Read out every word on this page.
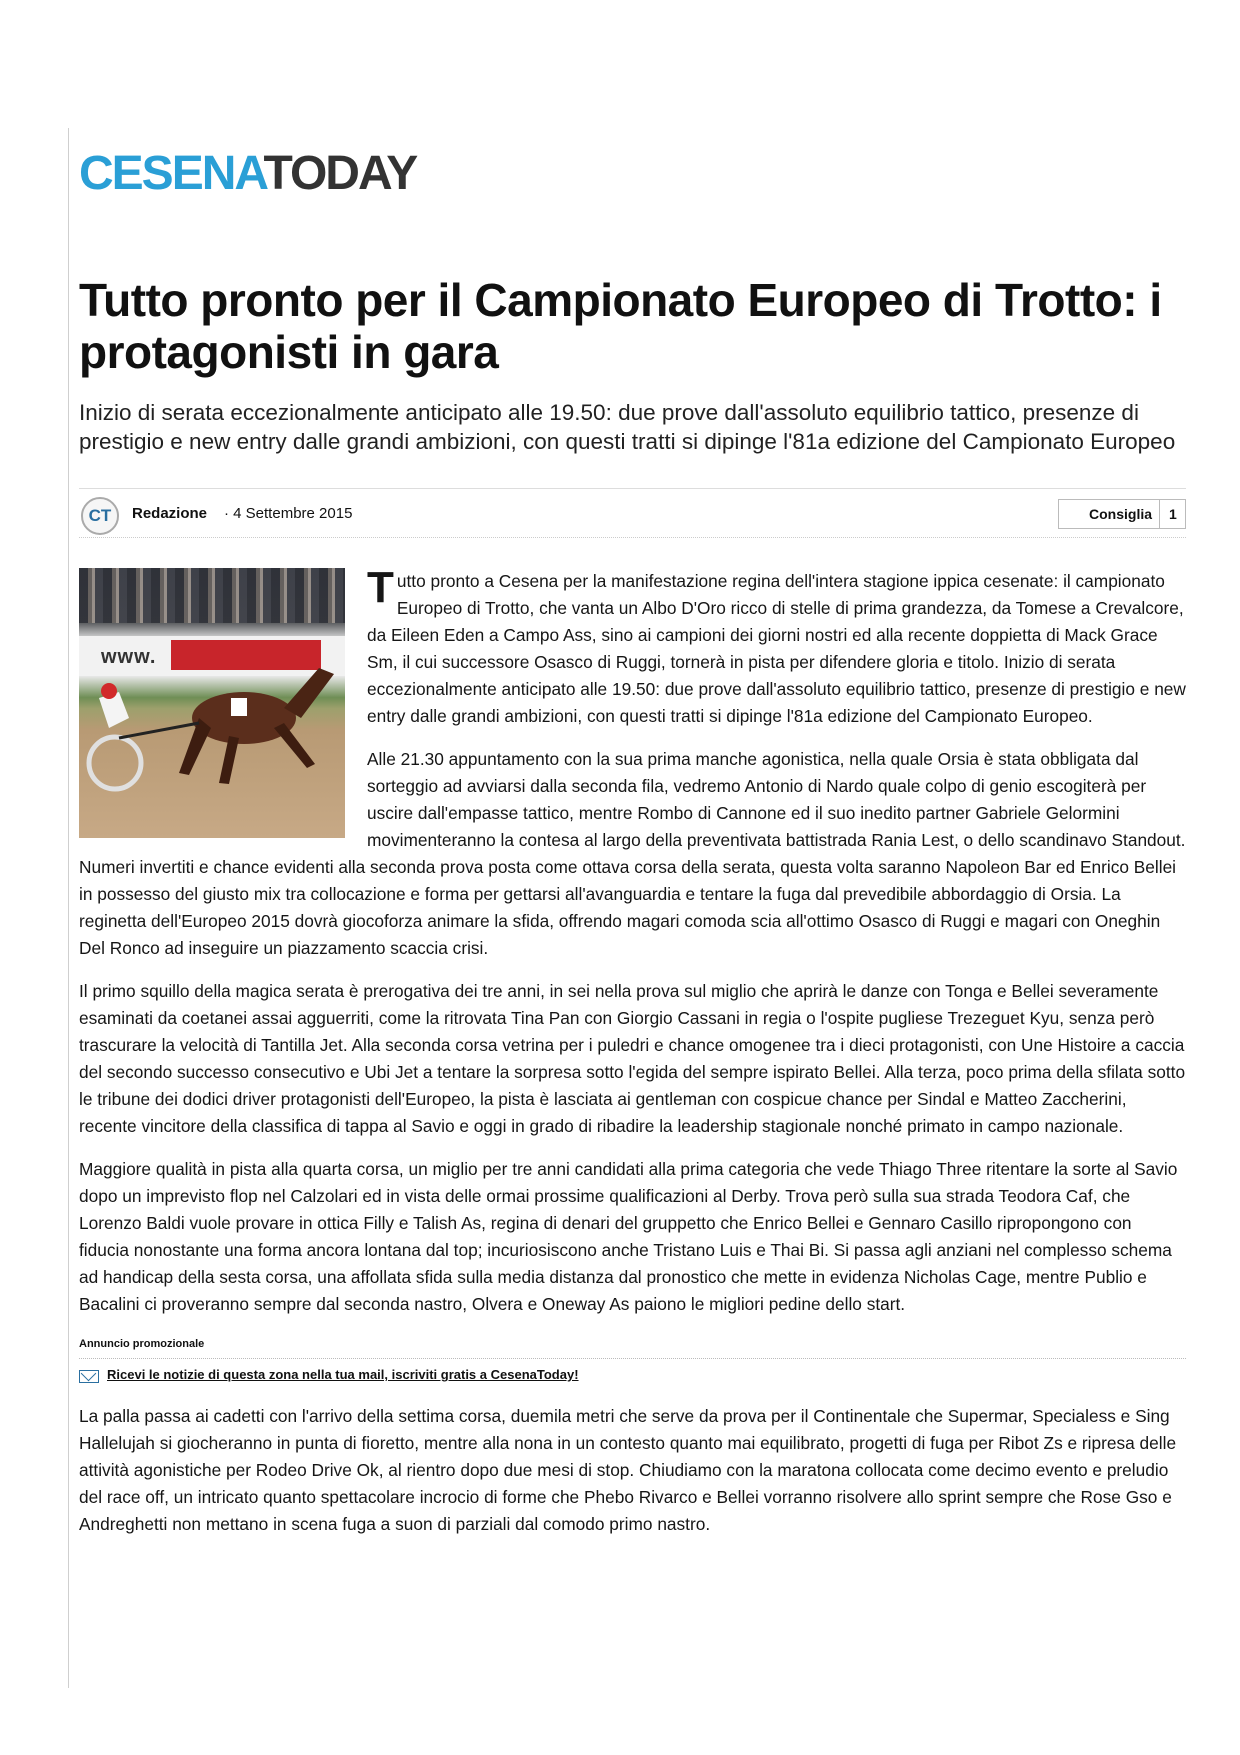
CESENATODAY
Tutto pronto per il Campionato Europeo di Trotto: i protagonisti in gara
Inizio di serata eccezionalmente anticipato alle 19.50: due prove dall'assoluto equilibrio tattico, presenze di prestigio e new entry dalle grandi ambizioni, con questi tratti si dipinge l'81a edizione del Campionato Europeo
CT	Redazione · 4 Settembre 2015	Consiglia 1
www.

Tutto pronto a Cesena per la manifestazione regina dell'intera stagione ippica cesenate: il campionato Europeo di Trotto, che vanta un Albo D'Oro ricco di stelle di prima grandezza, da Tomese a Crevalcore, da Eileen Eden a Campo Ass, sino ai campioni dei giorni nostri ed alla recente doppietta di Mack Grace Sm, il cui successore Osasco di Ruggi, tornerà in pista per difendere gloria e titolo. Inizio di serata eccezionalmente anticipato alle 19.50: due prove dall'assoluto equilibrio tattico, presenze di prestigio e new entry dalle grandi ambizioni, con questi tratti si dipinge l'81a edizione del Campionato Europeo.

Alle 21.30 appuntamento con la sua prima manche agonistica, nella quale Orsia è stata obbligata dal sorteggio ad avviarsi dalla seconda fila, vedremo Antonio di Nardo quale colpo di genio escogiterà per uscire dall'empasse tattico, mentre Rombo di Cannone ed il suo inedito partner Gabriele Gelormini movimenteranno la contesa al largo della preventivata battistrada Rania Lest, o dello scandinavo Standout. Numeri invertiti e chance evidenti alla seconda prova posta come ottava corsa della serata, questa volta saranno Napoleon Bar ed Enrico Bellei in possesso del giusto mix tra collocazione e forma per gettarsi all'avanguardia e tentare la fuga dal prevedibile abbordaggio di Orsia. La reginetta dell'Europeo 2015 dovrà giocoforza animare la sfida, offrendo magari comoda scia all'ottimo Osasco di Ruggi e magari con Oneghin Del Ronco ad inseguire un piazzamento scaccia crisi.

Il primo squillo della magica serata è prerogativa dei tre anni, in sei nella prova sul miglio che aprirà le danze con Tonga e Bellei severamente esaminati da coetanei assai agguerriti, come la ritrovata Tina Pan con Giorgio Cassani in regia o l'ospite pugliese Trezeguet Kyu, senza però trascurare la velocità di Tantilla Jet. Alla seconda corsa vetrina per i puledri e chance omogenee tra i dieci protagonisti, con Une Histoire a caccia del secondo successo consecutivo e Ubi Jet a tentare la sorpresa sotto l'egida del sempre ispirato Bellei. Alla terza, poco prima della sfilata sotto le tribune dei dodici driver protagonisti dell'Europeo, la pista è lasciata ai gentleman con cospicue chance per Sindal e Matteo Zaccherini, recente vincitore della classifica di tappa al Savio e oggi in grado di ribadire la leadership stagionale nonché primato in campo nazionale.

Maggiore qualità in pista alla quarta corsa, un miglio per tre anni candidati alla prima categoria che vede Thiago Three ritentare la sorte al Savio dopo un imprevisto flop nel Calzolari ed in vista delle ormai prossime qualificazioni al Derby. Trova però sulla sua strada Teodora Caf, che Lorenzo Baldi vuole provare in ottica Filly e Talish As, regina di denari del gruppetto che Enrico Bellei e Gennaro Casillo ripropongono con fiducia nonostante una forma ancora lontana dal top; incuriosiscono anche Tristano Luis e Thai Bi. Si passa agli anziani nel complesso schema ad handicap della sesta corsa, una affollata sfida sulla media distanza dal pronostico che mette in evidenza Nicholas Cage, mentre Publio e Bacalini ci proveranno sempre dal seconda nastro, Olvera e Oneway As paiono le migliori pedine dello start.

Annuncio promozionale
Ricevi le notizie di questa zona nella tua mail, iscriviti gratis a CesenaToday!
La palla passa ai cadetti con l'arrivo della settima corsa, duemila metri che serve da prova per il Continentale che Supermar, Specialess e Sing Hallelujah si giocheranno in punta di fioretto, mentre alla nona in un contesto quanto mai equilibrato, progetti di fuga per Ribot Zs e ripresa delle attività agonistiche per Rodeo Drive Ok, al rientro dopo due mesi di stop. Chiudiamo con la maratona collocata come decimo evento e preludio del race off, un intricato quanto spettacolare incrocio di forme che Phebo Rivarco e Bellei vorranno risolvere allo sprint sempre che Rose Gso e Andreghetti non mettano in scena fuga a suon di parziali dal comodo primo nastro.
